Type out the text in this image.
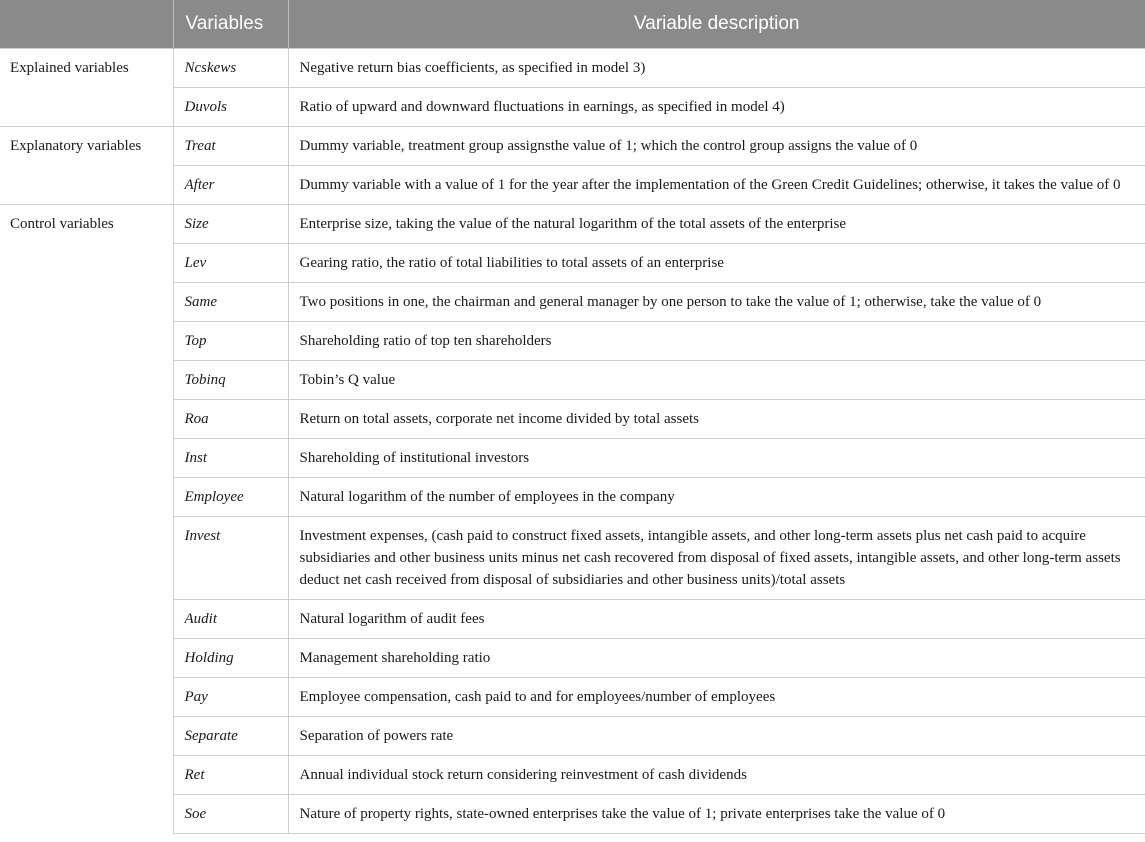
	Variables	Variable description
Explained variables	Ncskews	Negative return bias coefficients, as specified in model 3)
	Duvols	Ratio of upward and downward fluctuations in earnings, as specified in model 4)
Explanatory variables	Treat	Dummy variable, treatment group assignsthe value of 1; which the control group assigns the value of 0
	After	Dummy variable with a value of 1 for the year after the implementation of the Green Credit Guidelines; otherwise, it takes the value of 0
Control variables	Size	Enterprise size, taking the value of the natural logarithm of the total assets of the enterprise
	Lev	Gearing ratio, the ratio of total liabilities to total assets of an enterprise
	Same	Two positions in one, the chairman and general manager by one person to take the value of 1; otherwise, take the value of 0
	Top	Shareholding ratio of top ten shareholders
	Tobinq	Tobin’s Q value
	Roa	Return on total assets, corporate net income divided by total assets
	Inst	Shareholding of institutional investors
	Employee	Natural logarithm of the number of employees in the company
	Invest	Investment expenses, (cash paid to construct fixed assets, intangible assets, and other long-term assets plus net cash paid to acquire subsidiaries and other business units minus net cash recovered from disposal of fixed assets, intangible assets, and other long-term assets deduct net cash received from disposal of subsidiaries and other business units)/total assets
	Audit	Natural logarithm of audit fees
	Holding	Management shareholding ratio
	Pay	Employee compensation, cash paid to and for employees/number of employees
	Separate	Separation of powers rate
	Ret	Annual individual stock return considering reinvestment of cash dividends
	Soe	Nature of property rights, state-owned enterprises take the value of 1; private enterprises take the value of 0
